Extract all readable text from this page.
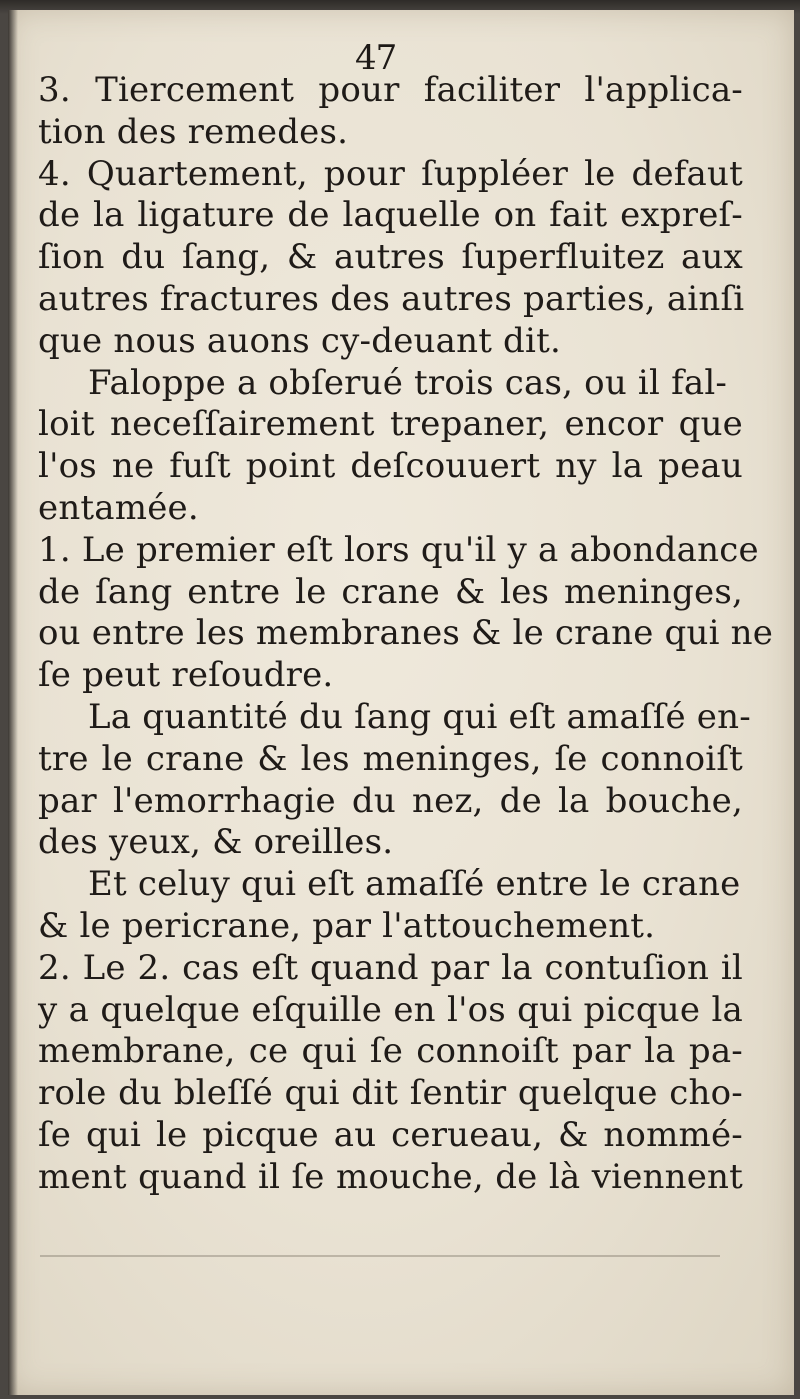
47
3. Tiercement pour faciliter l'applica-
tion des remedes.
4. Quartement, pour ſuppléer le defaut
de la ligature de laquelle on fait expreſ-
ſion du ſang, & autres ſuperfluitez aux
autres fractures des autres parties, ainſi
que nous auons cy-deuant dit.
Faloppe a obſerué trois cas, ou il fal-
loit neceſſairement trepaner, encor que
l'os ne fuſt point deſcouuert ny la peau
entamée.
1. Le premier eſt lors qu'il y a abondance
de ſang entre le crane & les meninges,
ou entre les membranes & le crane qui ne
ſe peut reſoudre.
La quantité du ſang qui eſt amaſſé en-
tre le crane & les meninges, ſe connoiſt
par l'emorrhagie du nez, de la bouche,
des yeux, & oreilles.
Et celuy qui eſt amaſſé entre le crane
& le pericrane, par l'attouchement.
2. Le 2. cas eſt quand par la contuſion il
y a quelque eſquille en l'os qui picque la
membrane, ce qui ſe connoiſt par la pa-
role du bleſſé qui dit ſentir quelque cho-
ſe qui le picque au cerueau, & nommé-
ment quand il ſe mouche, de là viennent
